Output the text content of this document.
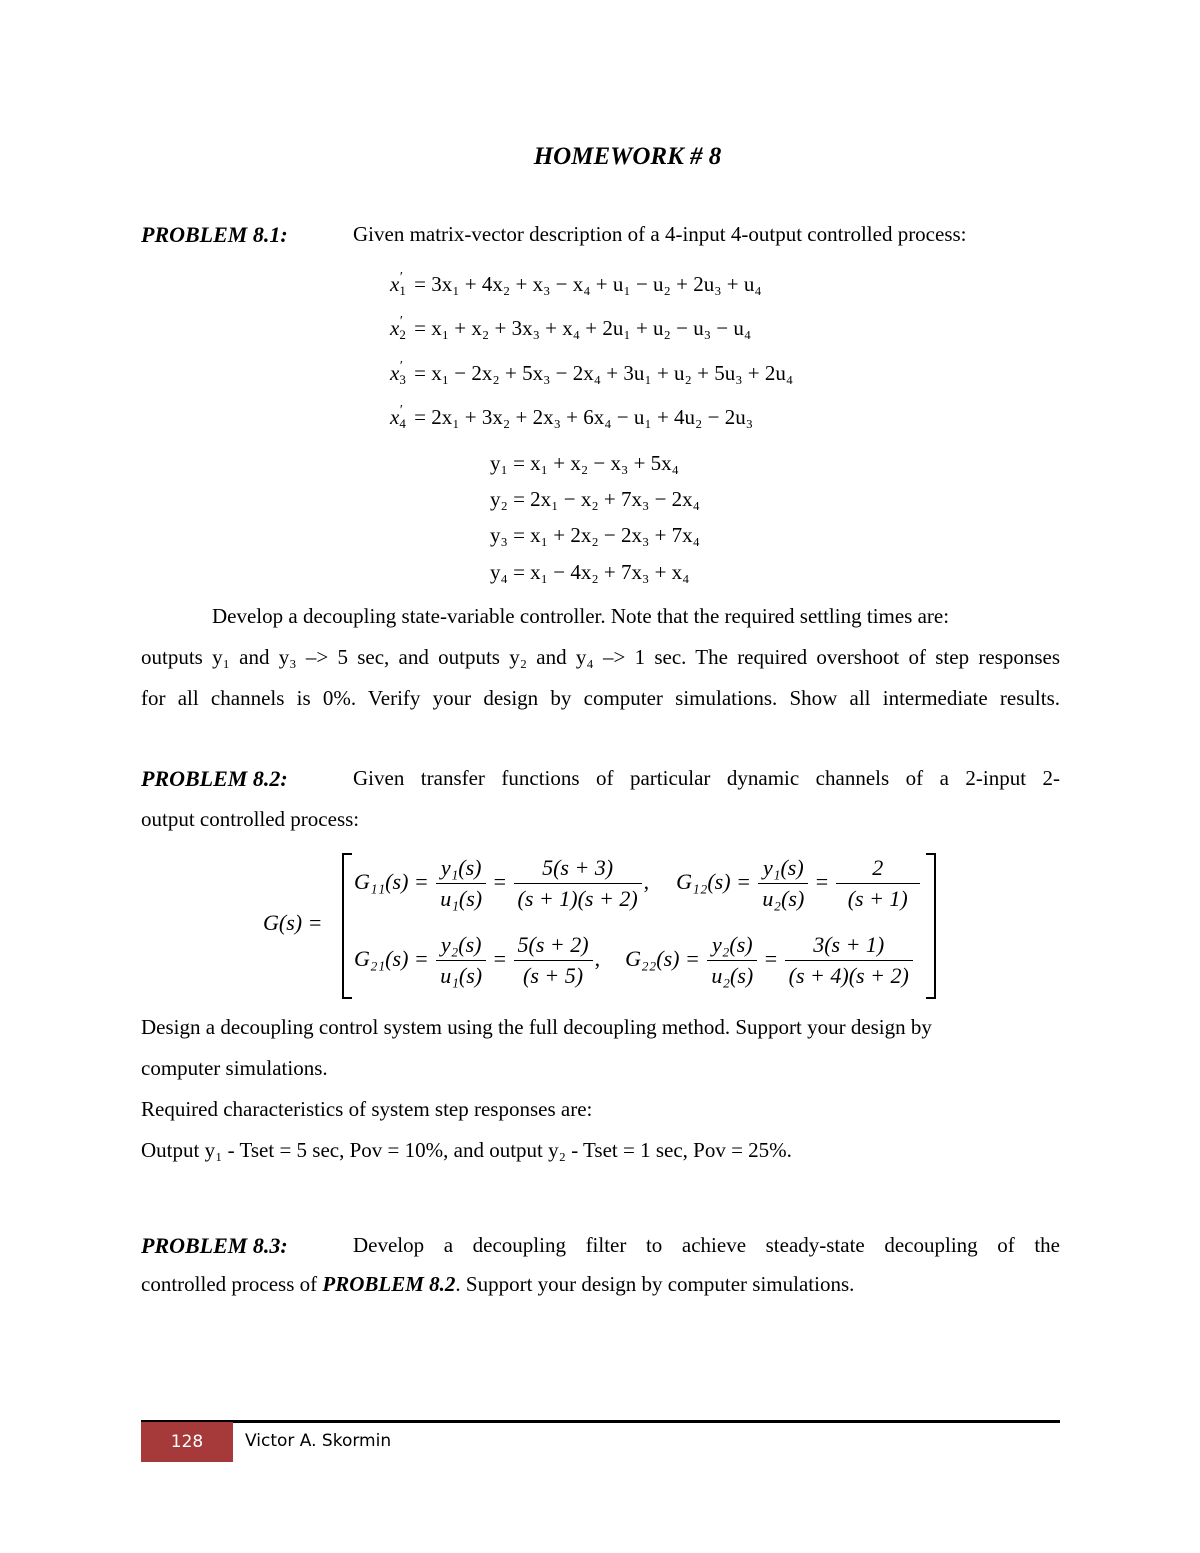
HOMEWORK # 8
PROBLEM 8.1:	Given matrix-vector description of a 4-input 4-output controlled process:
$x_1' = 3x_1 + 4x_2 + x_3 - x_4 + u_1 - u_2 + 2u_3 + u_4$
$x_2' = x_1 + x_2 + 3x_3 + x_4 + 2u_1 + u_2 - u_3 - u_4$
$x_3' = x_1 - 2x_2 + 5x_3 - 2x_4 + 3u_1 + u_2 + 5u_3 + 2u_4$
$x_4' = 2x_1 + 3x_2 + 2x_3 + 6x_4 - u_1 + 4u_2 - 2u_3$
y₁ = x₁ + x₂ − x₃ + 5x₄
y₂ = 2x₁ − x₂ + 7x₃ − 2x₄
y₃ = x₁ + 2x₂ − 2x₃ + 7x₄
y₄ = x₁ − 4x₂ + 7x₃ + x₄
Develop a decoupling state-variable controller. Note that the required settling times are:
outputs y₁ and y₃ –> 5 sec, and outputs y₂ and y₄ –> 1 sec. The required overshoot of step responses
for all channels is 0%. Verify your design by computer simulations. Show all intermediate results.
PROBLEM 8.2:	Given transfer functions of particular dynamic channels of a 2-input 2-
output controlled process:
G(s) =
$G_{11}(s) = \frac{\text{y₁(s)}}{\text{u₁(s)}} = \frac{5(s + 3)}{(s + 1)(s + 2)}$ , $G_{12}(s) = \frac{\text{y₁(s)}}{\text{u₂(s)}} = \frac{2}{(s + 1)}$
$G_{21}(s) = \frac{\text{y₂(s)}}{\text{u₁(s)}} = \frac{5(s + 2)}{(s + 5)}$ , $G_{22}(s) = \frac{\text{y₂(s)}}{\text{u₂(s)}} = \frac{3(s + 1)}{(s + 4)(s + 2)}$
Design a decoupling control system using the full decoupling method. Support your design by
computer simulations.
Required characteristics of system step responses are:
Output y₁ - Tset = 5 sec, Pov = 10%, and output y₂ - Tset = 1 sec, Pov = 25%.
PROBLEM 8.3:	Develop a decoupling filter to achieve steady-state decoupling of the
controlled process of PROBLEM 8.2. Support your design by computer simulations.
128	Victor A. Skormin
